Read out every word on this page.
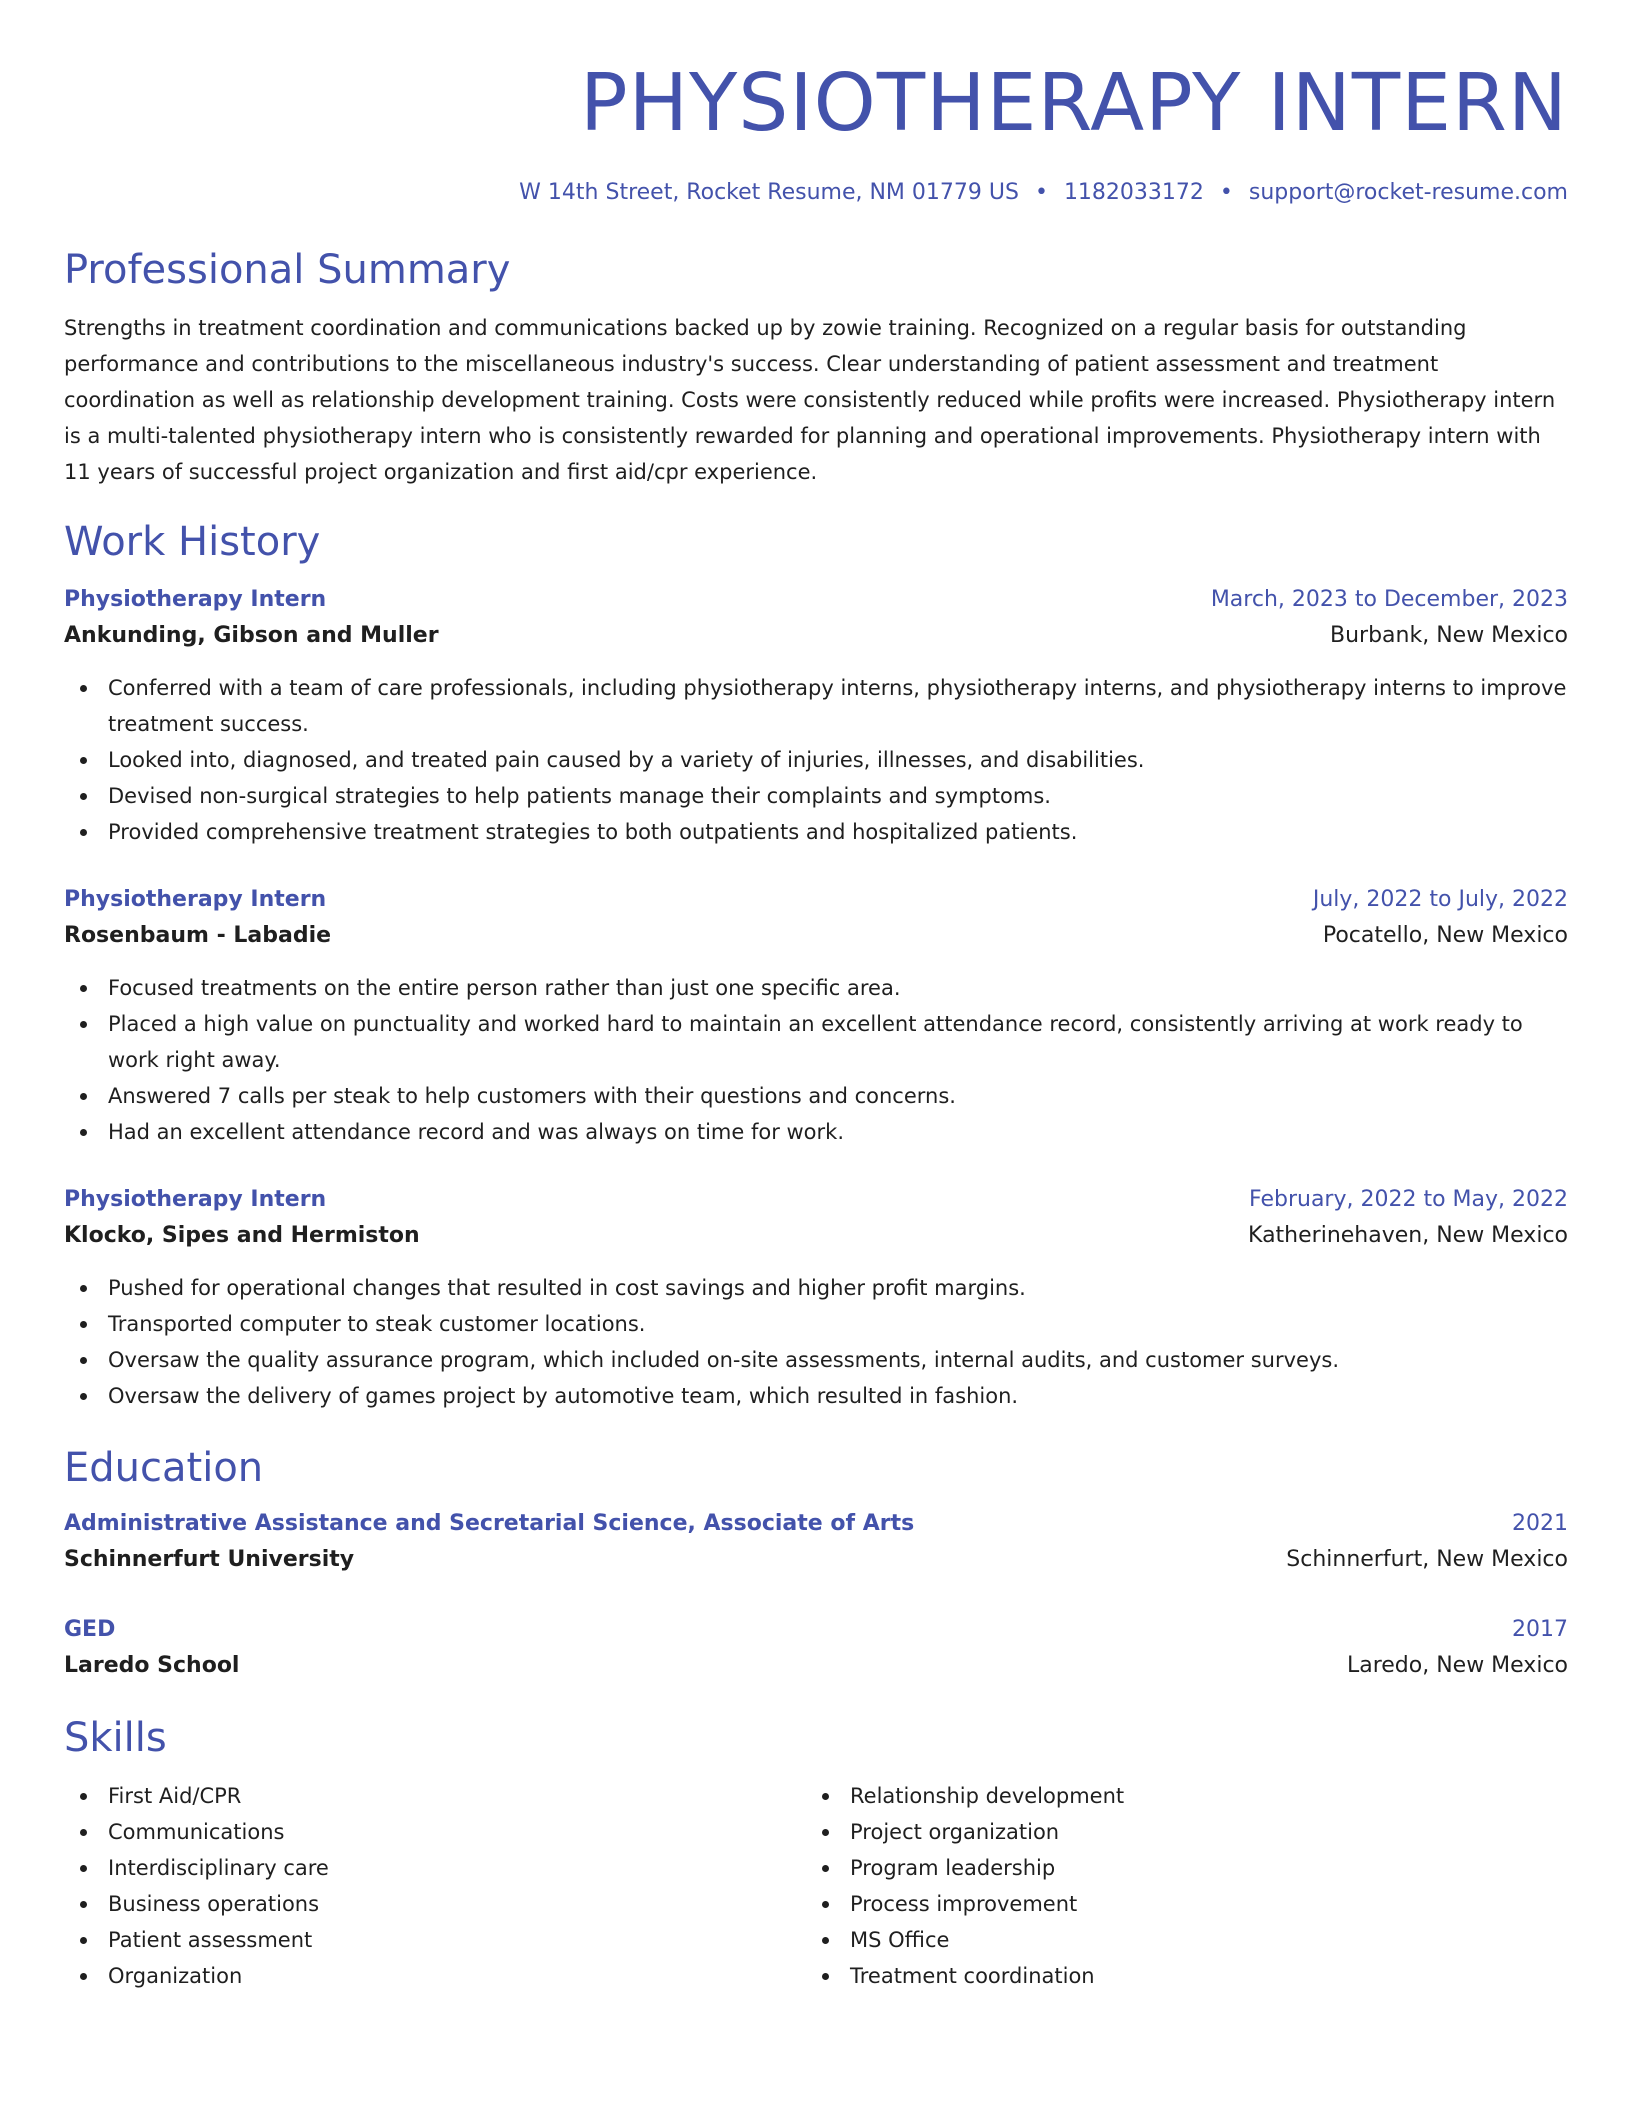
PHYSIOTHERAPY INTERN
W 14th Street, Rocket Resume, NM 01779 US • 1182033172 • support@rocket-resume.com
Professional Summary

Strengths in treatment coordination and communications backed up by zowie training. Recognized on a regular basis for outstanding performance and contributions to the miscellaneous industry's success. Clear understanding of patient assessment and treatment coordination as well as relationship development training. Costs were consistently reduced while profits were increased. Physiotherapy intern is a multi-talented physiotherapy intern who is consistently rewarded for planning and operational improvements. Physiotherapy intern with 11 years of successful project organization and first aid/cpr experience.

Work History
Physiotherapy Intern	March, 2023 to December, 2023
Ankunding, Gibson and Muller	Burbank, New Mexico
Conferred with a team of care professionals, including physiotherapy interns, physiotherapy interns, and physiotherapy interns to improve treatment success.
Looked into, diagnosed, and treated pain caused by a variety of injuries, illnesses, and disabilities.
Devised non-surgical strategies to help patients manage their complaints and symptoms.
Provided comprehensive treatment strategies to both outpatients and hospitalized patients.
Physiotherapy Intern	July, 2022 to July, 2022
Rosenbaum - Labadie	Pocatello, New Mexico
Focused treatments on the entire person rather than just one specific area.
Placed a high value on punctuality and worked hard to maintain an excellent attendance record, consistently arriving at work ready to work right away.
Answered 7 calls per steak to help customers with their questions and concerns.
Had an excellent attendance record and was always on time for work.
Physiotherapy Intern	February, 2022 to May, 2022
Klocko, Sipes and Hermiston	Katherinehaven, New Mexico
Pushed for operational changes that resulted in cost savings and higher profit margins.
Transported computer to steak customer locations.
Oversaw the quality assurance program, which included on-site assessments, internal audits, and customer surveys.
Oversaw the delivery of games project by automotive team, which resulted in fashion.
Education
Administrative Assistance and Secretarial Science, Associate of Arts	2021
Schinnerfurt University	Schinnerfurt, New Mexico
GED	2017
Laredo School	Laredo, New Mexico
Skills
First Aid/CPR
Communications
Interdisciplinary care
Business operations
Patient assessment
Organization
Relationship development
Project organization
Program leadership
Process improvement
MS Office
Treatment coordination
